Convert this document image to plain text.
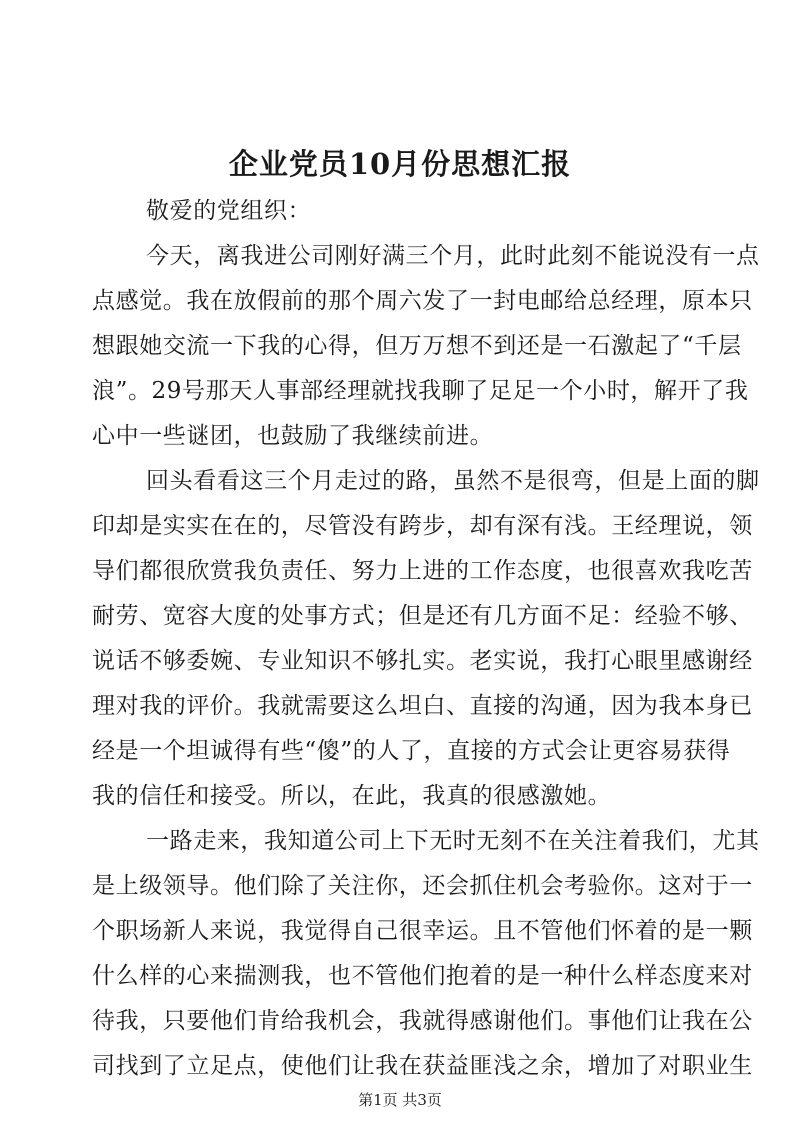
企业党员10月份思想汇报
敬爱的党组织：
今天，离我进公司刚好满三个月，此时此刻不能说没有一点
点感觉。我在放假前的那个周六发了一封电邮给总经理，原本只
想跟她交流一下我的心得，但万万想不到还是一石激起了“千层
浪”。29号那天人事部经理就找我聊了足足一个小时，解开了我
心中一些谜团，也鼓励了我继续前进。
回头看看这三个月走过的路，虽然不是很弯，但是上面的脚
印却是实实在在的，尽管没有跨步，却有深有浅。王经理说，领
导们都很欣赏我负责任、努力上进的工作态度，也很喜欢我吃苦
耐劳、宽容大度的处事方式；但是还有几方面不足：经验不够、
说话不够委婉、专业知识不够扎实。老实说，我打心眼里感谢经
理对我的评价。我就需要这么坦白、直接的沟通，因为我本身已
经是一个坦诚得有些“傻”的人了，直接的方式会让更容易获得
我的信任和接受。所以，在此，我真的很感激她。
一路走来，我知道公司上下无时无刻不在关注着我们，尤其
是上级领导。他们除了关注你，还会抓住机会考验你。这对于一
个职场新人来说，我觉得自己很幸运。且不管他们怀着的是一颗
什么样的心来揣测我，也不管他们抱着的是一种什么样态度来对
待我，只要他们肯给我机会，我就得感谢他们。事他们让我在公
司找到了立足点，使他们让我在获益匪浅之余，增加了对职业生
第1页 共3页
